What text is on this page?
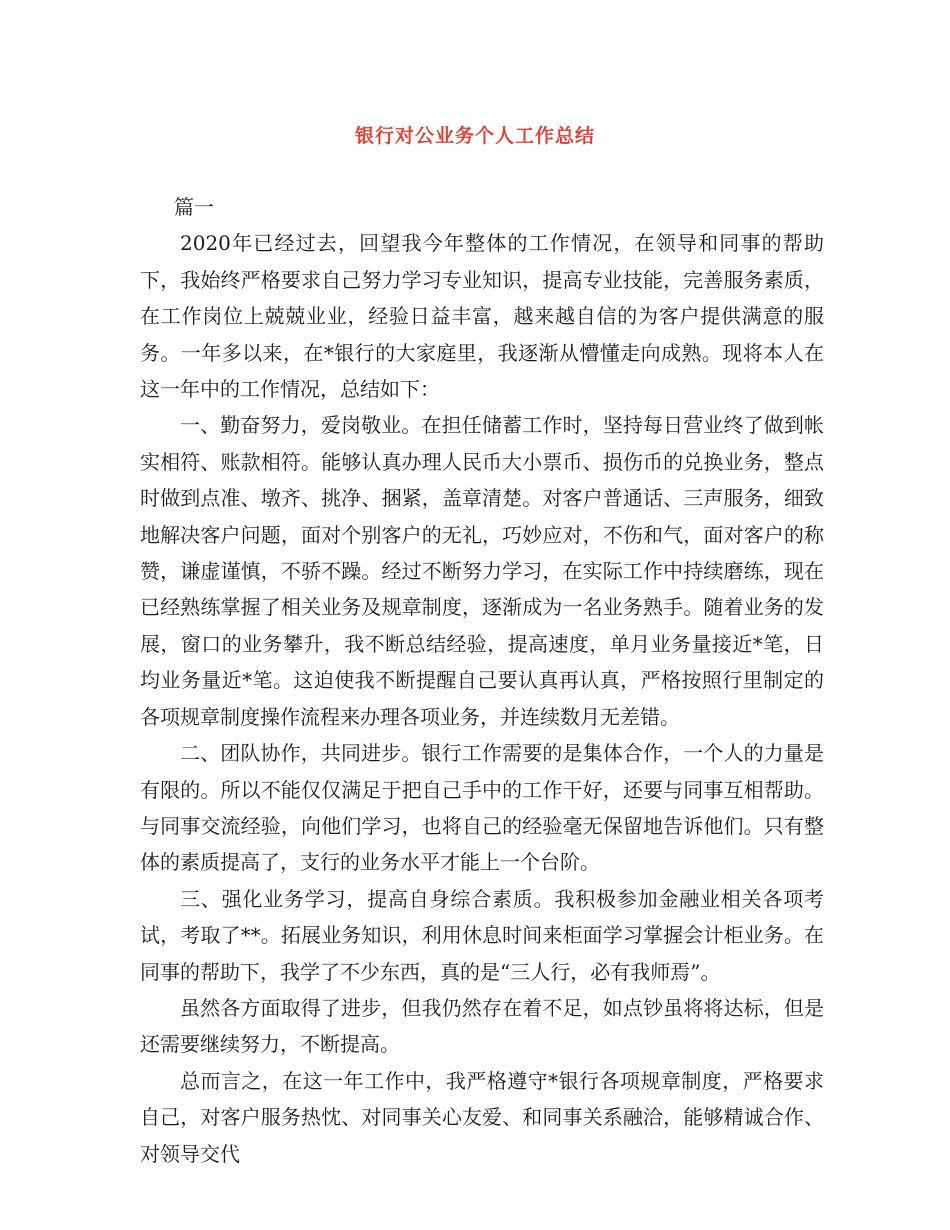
银行对公业务个人工作总结

篇一

2020年已经过去，回望我今年整体的工作情况，在领导和同事的帮助下，我始终严格要求自己努力学习专业知识，提高专业技能，完善服务素质，在工作岗位上兢兢业业，经验日益丰富，越来越自信的为客户提供满意的服务。一年多以来，在*银行的大家庭里，我逐渐从懵懂走向成熟。现将本人在这一年中的工作情况，总结如下：

一、勤奋努力，爱岗敬业。在担任储蓄工作时，坚持每日营业终了做到帐实相符、账款相符。能够认真办理人民币大小票币、损伤币的兑换业务，整点时做到点准、墩齐、挑净、捆紧，盖章清楚。对客户普通话、三声服务，细致地解决客户问题，面对个别客户的无礼，巧妙应对，不伤和气，面对客户的称赞，谦虚谨慎，不骄不躁。经过不断努力学习，在实际工作中持续磨练，现在已经熟练掌握了相关业务及规章制度，逐渐成为一名业务熟手。随着业务的发展，窗口的业务攀升，我不断总结经验，提高速度，单月业务量接近*笔，日均业务量近*笔。这迫使我不断提醒自己要认真再认真，严格按照行里制定的各项规章制度操作流程来办理各项业务，并连续数月无差错。

二、团队协作，共同进步。银行工作需要的是集体合作，一个人的力量是有限的。所以不能仅仅满足于把自己手中的工作干好，还要与同事互相帮助。与同事交流经验，向他们学习，也将自己的经验毫无保留地告诉他们。只有整体的素质提高了，支行的业务水平才能上一个台阶。

三、强化业务学习，提高自身综合素质。我积极参加金融业相关各项考试，考取了**。拓展业务知识，利用休息时间来柜面学习掌握会计柜业务。在同事的帮助下，我学了不少东西，真的是“三人行，必有我师焉”。

虽然各方面取得了进步，但我仍然存在着不足，如点钞虽将将达标，但是还需要继续努力，不断提高。

总而言之，在这一年工作中，我严格遵守*银行各项规章制度，严格要求自己，对客户服务热忱、对同事关心友爱、和同事关系融洽，能够精诚合作、对领导交代
